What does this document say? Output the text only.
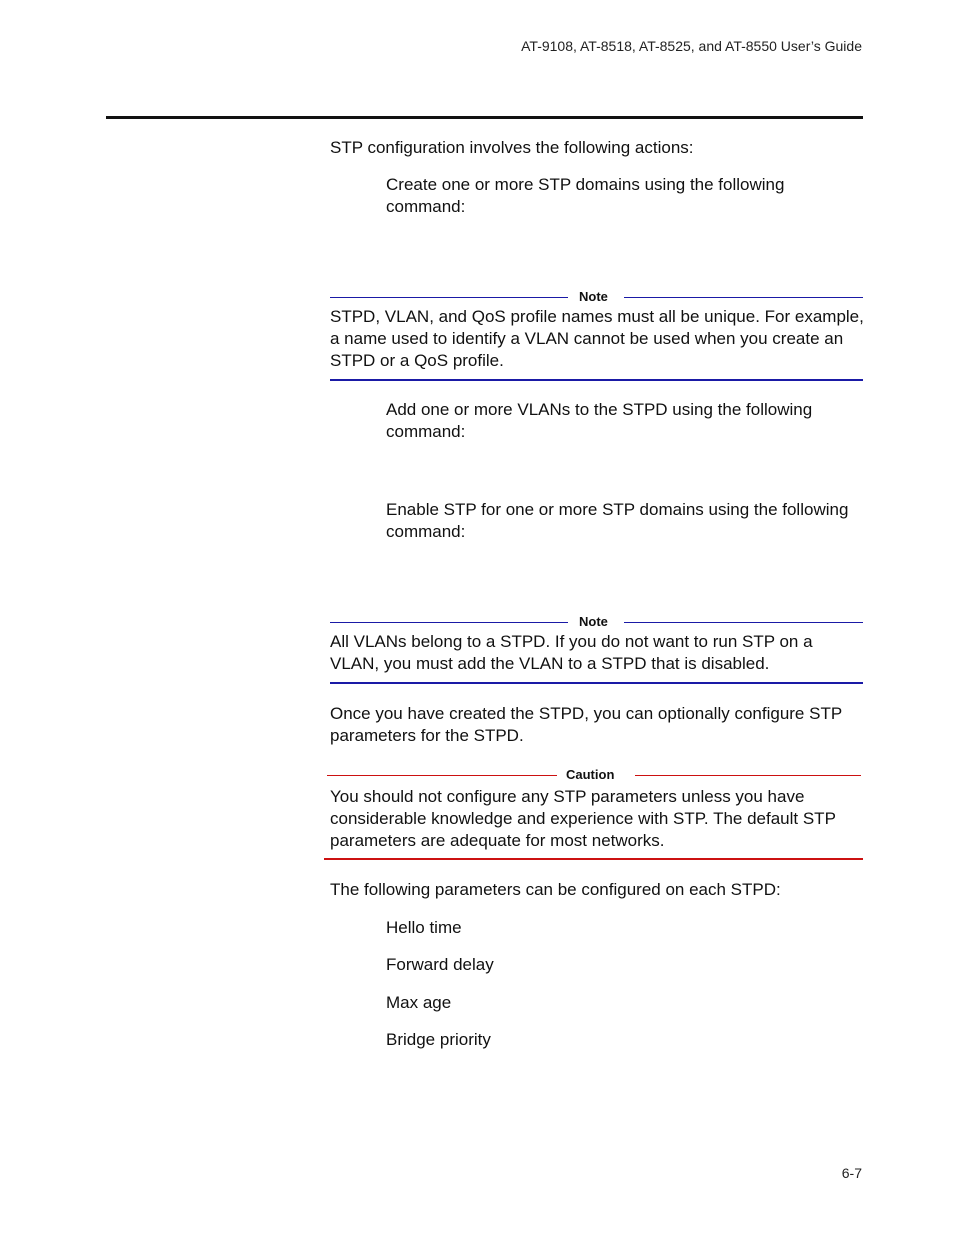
AT-9108, AT-8518, AT-8525, and AT-8550 User’s Guide
STP configuration involves the following actions:
Create one or more STP domains using the following command:
Note
STPD, VLAN, and QoS profile names must all be unique. For example, a name used to identify a VLAN cannot be used when you create an STPD or a QoS profile.
Add one or more VLANs to the STPD using the following command:
Enable STP for one or more STP domains using the following command:
Note
All VLANs belong to a STPD. If you do not want to run STP on a VLAN, you must add the VLAN to a STPD that is disabled.
Once you have created the STPD, you can optionally configure STP parameters for the STPD.
Caution
You should not configure any STP parameters unless you have considerable knowledge and experience with STP. The default STP parameters are adequate for most networks.
The following parameters can be configured on each STPD:
Hello time
Forward delay
Max age
Bridge priority
6-7
